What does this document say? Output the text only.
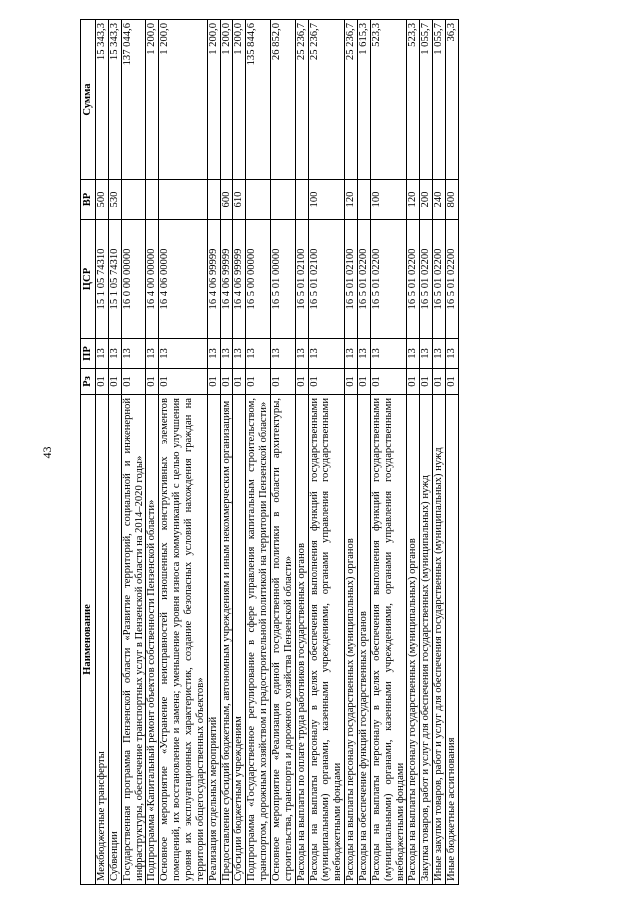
43
Наименование	Рз	ПР	ЦСР	ВР	Сумма
Межбюджетные трансферты	01	13	15 1 05 74310	500	15 343,3
Субвенции	01	13	15 1 05 74310	530	15 343,3
Государственная программа Пензенской области «Развитие территорий, социальной и инженерной инфраструктуры, обеспечение транспортных услуг в Пензенской области на 2014–2020 годы»	01	13	16 0 00 00000		137 044,6
Подпрограмма «Капитальный ремонт объектов собственности Пензенской области»	01	13	16 4 00 00000		1 200,0
Основное мероприятие «Устранение неисправностей изношенных конструктивных элементов помещений, их восстановление и замена; уменьшение уровня износа коммуникаций с целью улучшения уровня их эксплуатационных характеристик, создание безопасных условий нахождения граждан на территории общегосударственных объектов»	01	13	16 4 06 00000		1 200,0
Реализация отдельных мероприятий	01	13	16 4 06 99999		1 200,0
Предоставление субсидий бюджетным, автономным учреждениям и иным некоммерческим организациям	01	13	16 4 06 99999	600	1 200,0
Субсидии бюджетным учреждениям	01	13	16 4 06 99999	610	1 200,0
Подпрограмма «Государственное регулирование в сфере управления капитальным строительством, транспортом, дорожным хозяйством и градостроительной политикой на территории Пензенской области»	01	13	16 5 00 00000		135 844,6
Основное мероприятие «Реализация единой государственной политики в области архитектуры, строительства, транспорта и дорожного хозяйства Пензенской области»	01	13	16 5 01 00000		26 852,0
Расходы на выплаты по оплате труда работников государственных органов	01	13	16 5 01 02100		25 236,7
Расходы на выплаты персоналу в целях обеспечения выполнения функций государственными (муниципальными) органами, казенными учреждениями, органами управления государственными внебюджетными фондами	01	13	16 5 01 02100	100	25 236,7
Расходы на выплаты персоналу государственных (муниципальных) органов	01	13	16 5 01 02100	120	25 236,7
Расходы на обеспечение функций государственных органов	01	13	16 5 01 02200		1 615,3
Расходы на выплаты персоналу в целях обеспечения выполнения функций государственными (муниципальными) органами, казенными учреждениями, органами управления государственными внебюджетными фондами	01	13	16 5 01 02200	100	523,3
Расходы на выплаты персоналу государственных (муниципальных) органов	01	13	16 5 01 02200	120	523,3
Закупка товаров, работ и услуг для обеспечения государственных (муниципальных) нужд	01	13	16 5 01 02200	200	1 055,7
Иные закупки товаров, работ и услуг для обеспечения государственных (муниципальных) нужд	01	13	16 5 01 02200	240	1 055,7
Иные бюджетные ассигнования	01	13	16 5 01 02200	800	36,3
